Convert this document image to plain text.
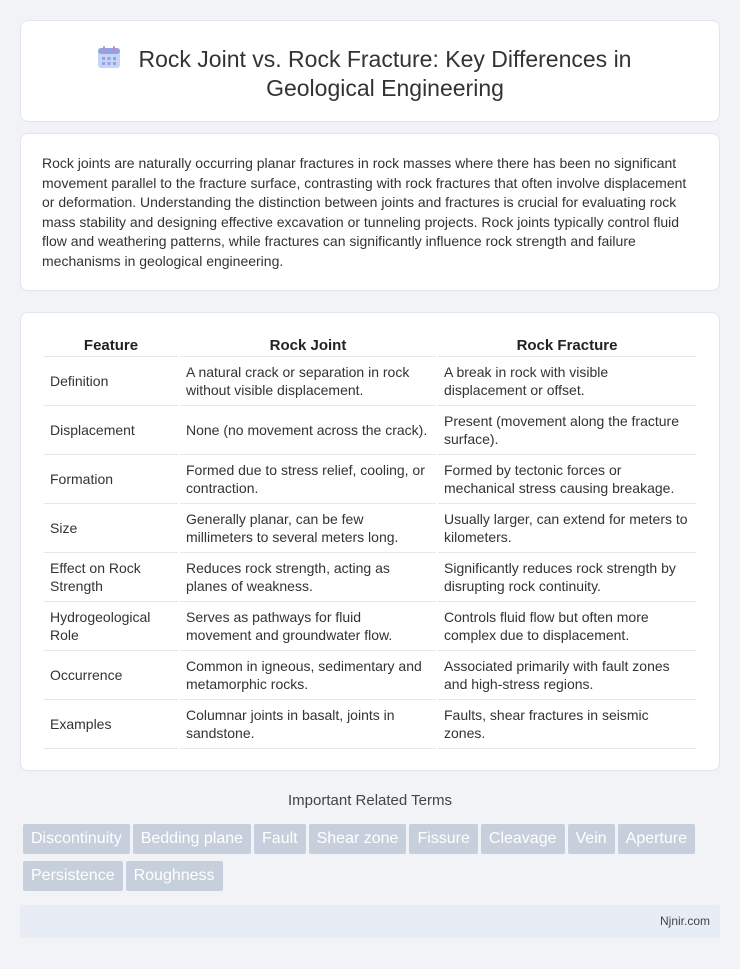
Rock Joint vs. Rock Fracture: Key Differences in Geological Engineering

Rock joints are naturally occurring planar fractures in rock masses where there has been no significant movement parallel to the fracture surface, contrasting with rock fractures that often involve displacement or deformation. Understanding the distinction between joints and fractures is crucial for evaluating rock mass stability and designing effective excavation or tunneling projects. Rock joints typically control fluid flow and weathering patterns, while fractures can significantly influence rock strength and failure mechanisms in geological engineering.

Feature	Rock Joint	Rock Fracture
Definition	A natural crack or separation in rock without visible displacement.	A break in rock with visible displacement or offset.
Displacement	None (no movement across the crack).	Present (movement along the fracture surface).
Formation	Formed due to stress relief, cooling, or contraction.	Formed by tectonic forces or mechanical stress causing breakage.
Size	Generally planar, can be few millimeters to several meters long.	Usually larger, can extend for meters to kilometers.
Effect on Rock Strength	Reduces rock strength, acting as planes of weakness.	Significantly reduces rock strength by disrupting rock continuity.
Hydrogeological Role	Serves as pathways for fluid movement and groundwater flow.	Controls fluid flow but often more complex due to displacement.
Occurrence	Common in igneous, sedimentary and metamorphic rocks.	Associated primarily with fault zones and high-stress regions.
Examples	Columnar joints in basalt, joints in sandstone.	Faults, shear fractures in seismic zones.
Important Related Terms
Discontinuity Bedding plane Fault Shear zone Fissure Cleavage Vein AperturePersistence Roughness
Njnir.com
